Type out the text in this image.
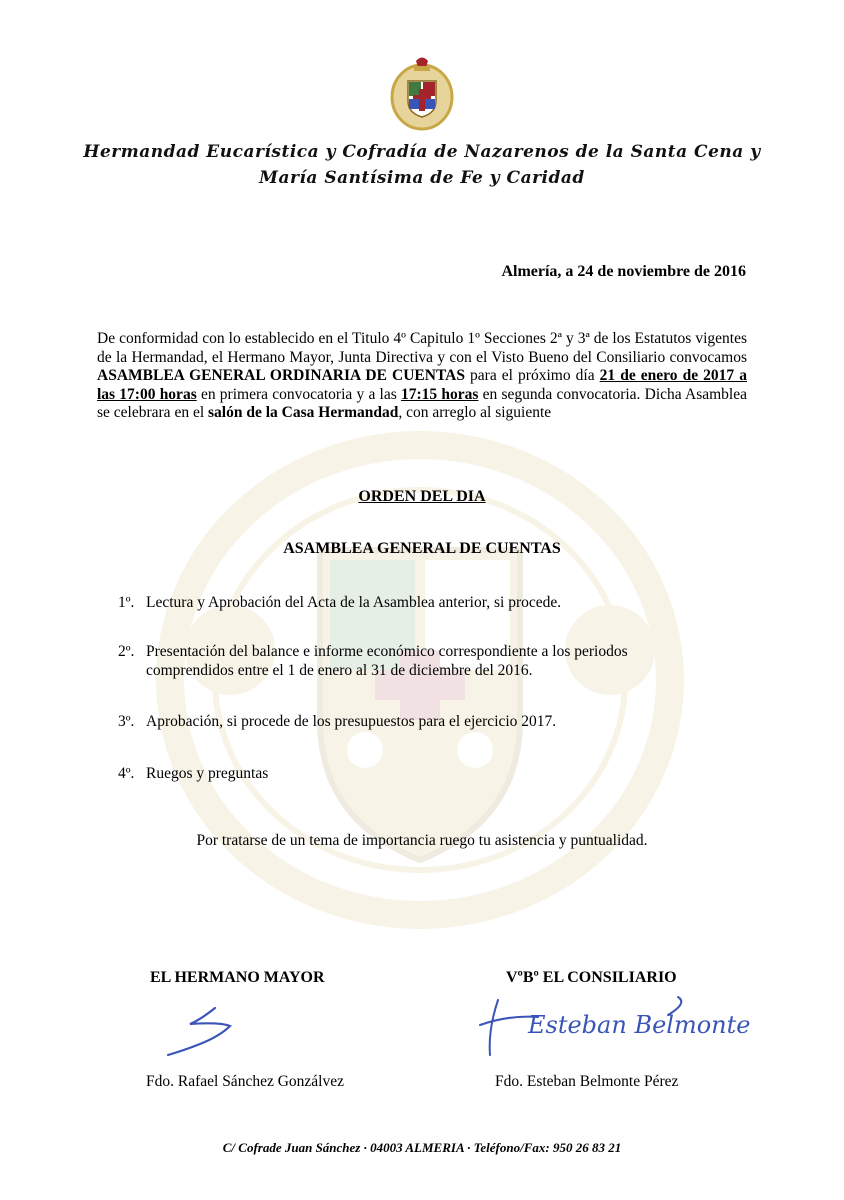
Hermandad Eucarística y Cofradía de Nazarenos de la Santa Cena y
María Santísima de Fe y Caridad
Almería, a 24 de noviembre de 2016
De conformidad con lo establecido en el Titulo 4º Capitulo 1º Secciones 2ª y 3ª de los Estatutos vigentes de la Hermandad, el Hermano Mayor, Junta Directiva y con el Visto Bueno del Consiliario convocamos ASAMBLEA GENERAL ORDINARIA DE CUENTAS para el próximo día 21 de enero de 2017 a las 17:00 horas en primera convocatoria y a las 17:15 horas en segunda convocatoria. Dicha Asamblea se celebrara en el salón de la Casa Hermandad, con arreglo al siguiente
ORDEN DEL DIA
ASAMBLEA GENERAL DE CUENTAS
1º. Lectura y Aprobación del Acta de la Asamblea anterior, si procede.
2º. Presentación del balance e informe económico correspondiente a los periodos comprendidos entre el 1 de enero al 31 de diciembre del 2016.
3º. Aprobación, si procede de los presupuestos para el ejercicio 2017.
4º. Ruegos y preguntas
Por tratarse de un tema de importancia ruego tu asistencia y puntualidad.
EL HERMANO MAYOR	VºBº EL CONSILIARIO
Esteban Belmonte
Fdo. Rafael Sánchez Gonzálvez	Fdo. Esteban Belmonte Pérez
C/ Cofrade Juan Sánchez · 04003 ALMERIA · Teléfono/Fax: 950 26 83 21
